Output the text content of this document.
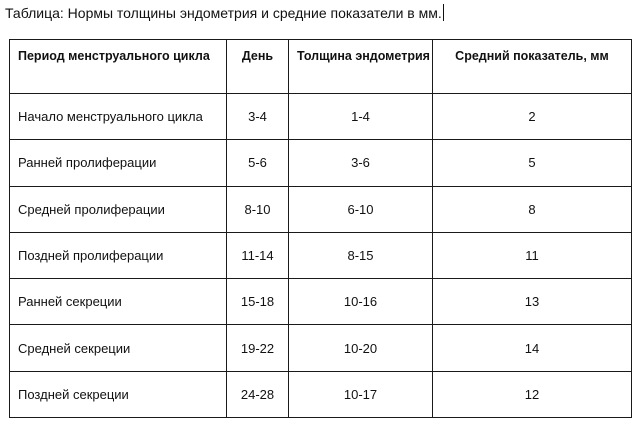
Таблица: Нормы толщины эндометрия и средние показатели в мм.
Период менструального цикла	День	Толщина эндометрия	Средний показатель, мм
Начало менструального цикла	3-4	1-4	2
Ранней пролиферации	5-6	3-6	5
Средней пролиферации	8-10	6-10	8
Поздней пролиферации	11-14	8-15	11
Ранней секреции	15-18	10-16	13
Средней секреции	19-22	10-20	14
Поздней секреции	24-28	10-17	12
